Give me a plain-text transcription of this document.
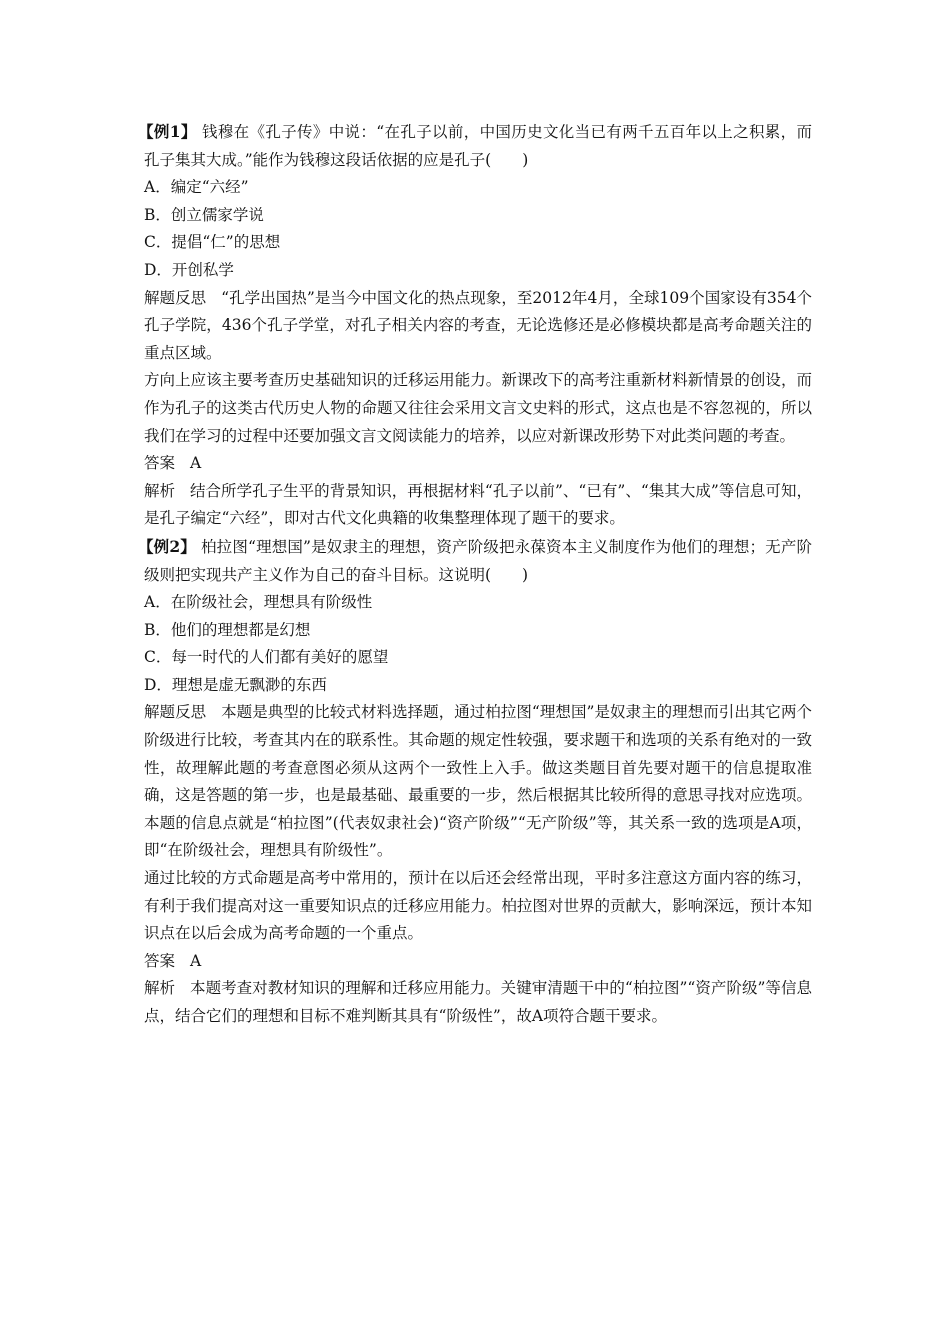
【例1】 钱穆在《孔子传》中说：“在孔子以前，中国历史文化当已有两千五百年以上之积累，而孔子集其大成。”能作为钱穆这段话依据的应是孔子(　　)

A．编定“六经”

B．创立儒家学说

C．提倡“仁”的思想

D．开创私学

解题反思 “孔学出国热”是当今中国文化的热点现象，至2012年4月，全球109个国家设有354个孔子学院，436个孔子学堂，对孔子相关内容的考查，无论选修还是必修模块都是高考命题关注的重点区域。

方向上应该主要考查历史基础知识的迁移运用能力。新课改下的高考注重新材料新情景的创设，而作为孔子的这类古代历史人物的命题又往往会采用文言文史料的形式，这点也是不容忽视的，所以我们在学习的过程中还要加强文言文阅读能力的培养，以应对新课改形势下对此类问题的考查。

答案 A

解析 结合所学孔子生平的背景知识，再根据材料“孔子以前”、“已有”、“集其大成”等信息可知，是孔子编定“六经”，即对古代文化典籍的收集整理体现了题干的要求。

【例2】 柏拉图“理想国”是奴隶主的理想，资产阶级把永葆资本主义制度作为他们的理想；无产阶级则把实现共产主义作为自己的奋斗目标。这说明(　　)

A．在阶级社会，理想具有阶级性

B．他们的理想都是幻想

C．每一时代的人们都有美好的愿望

D．理想是虚无飘渺的东西

解题反思 本题是典型的比较式材料选择题，通过柏拉图“理想国”是奴隶主的理想而引出其它两个阶级进行比较，考查其内在的联系性。其命题的规定性较强，要求题干和选项的关系有绝对的一致性，故理解此题的考查意图必须从这两个一致性上入手。做这类题目首先要对题干的信息提取准确，这是答题的第一步，也是最基础、最重要的一步，然后根据其比较所得的意思寻找对应选项。本题的信息点就是“柏拉图”(代表奴隶社会)“资产阶级”“无产阶级”等，其关系一致的选项是A项，即“在阶级社会，理想具有阶级性”。

通过比较的方式命题是高考中常用的，预计在以后还会经常出现，平时多注意这方面内容的练习，有利于我们提高对这一重要知识点的迁移应用能力。柏拉图对世界的贡献大，影响深远，预计本知识点在以后会成为高考命题的一个重点。

答案 A

解析 本题考查对教材知识的理解和迁移应用能力。关键审清题干中的“柏拉图”“资产阶级”等信息点，结合它们的理想和目标不难判断其具有“阶级性”，故A项符合题干要求。
